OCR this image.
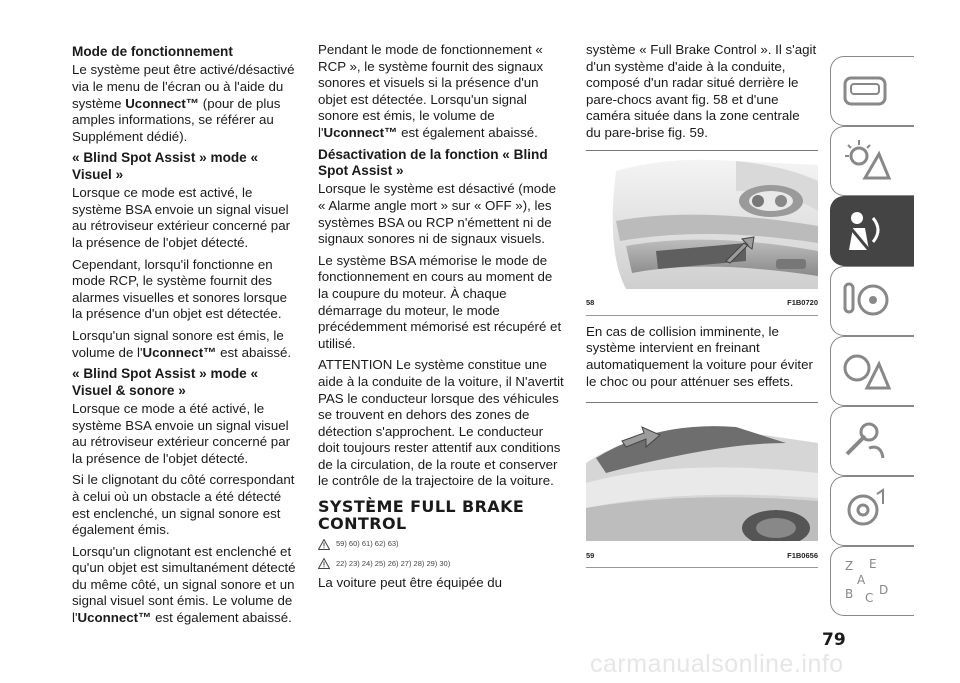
Mode de fonctionnement

Le système peut être activé/désactivé via le menu de l'écran ou à l'aide du système Uconnect™ (pour de plus amples informations, se référer au Supplément dédié).

« Blind Spot Assist » mode « Visuel »

Lorsque ce mode est activé, le système BSA envoie un signal visuel au rétroviseur extérieur concerné par la présence de l'objet détecté.

Cependant, lorsqu'il fonctionne en mode RCP, le système fournit des alarmes visuelles et sonores lorsque la présence d'un objet est détectée.

Lorsqu'un signal sonore est émis, le volume de l'Uconnect™ est abaissé.

« Blind Spot Assist » mode « Visuel & sonore »

Lorsque ce mode a été activé, le système BSA envoie un signal visuel au rétroviseur extérieur concerné par la présence de l'objet détecté.

Si le clignotant du côté correspondant à celui où un obstacle a été détecté est enclenché, un signal sonore est également émis.

Lorsqu'un clignotant est enclenché et qu'un objet est simultanément détecté du même côté, un signal sonore et un signal visuel sont émis. Le volume de l'Uconnect™ est également abaissé.

Pendant le mode de fonctionnement « RCP », le système fournit des signaux sonores et visuels si la présence d'un objet est détectée. Lorsqu'un signal sonore est émis, le volume de l'Uconnect™ est également abaissé.

Désactivation de la fonction « Blind Spot Assist »

Lorsque le système est désactivé (mode « Alarme angle mort » sur « OFF »), les systèmes BSA ou RCP n'émettent ni de signaux sonores ni de signaux visuels.

Le système BSA mémorise le mode de fonctionnement en cours au moment de la coupure du moteur. À chaque démarrage du moteur, le mode précédemment mémorisé est récupéré et utilisé.

ATTENTION Le système constitue une aide à la conduite de la voiture, il N'avertit PAS le conducteur lorsque des véhicules se trouvent en dehors des zones de détection s'approchent. Le conducteur doit toujours rester attentif aux conditions de la circulation, de la route et conserver le contrôle de la trajectoire de la voiture.

SYSTÈME FULL BRAKE CONTROL
59) 60) 61) 62) 63)
22) 23) 24) 25) 26) 27) 28) 29) 30)

La voiture peut être équipée du

système « Full Brake Control ». Il s'agit d'un système d'aide à la conduite, composé d'un radar situé derrière le pare-chocs avant fig. 58 et d'une caméra située dans la zone centrale du pare-brise fig. 59.

58	F1B0720

En cas de collision imminente, le système intervient en freinant automatiquement la voiture pour éviter le choc ou pour atténuer ses effets.

59	F1B0656
Z E
A
B C
D
79
carmanualsonline.info
